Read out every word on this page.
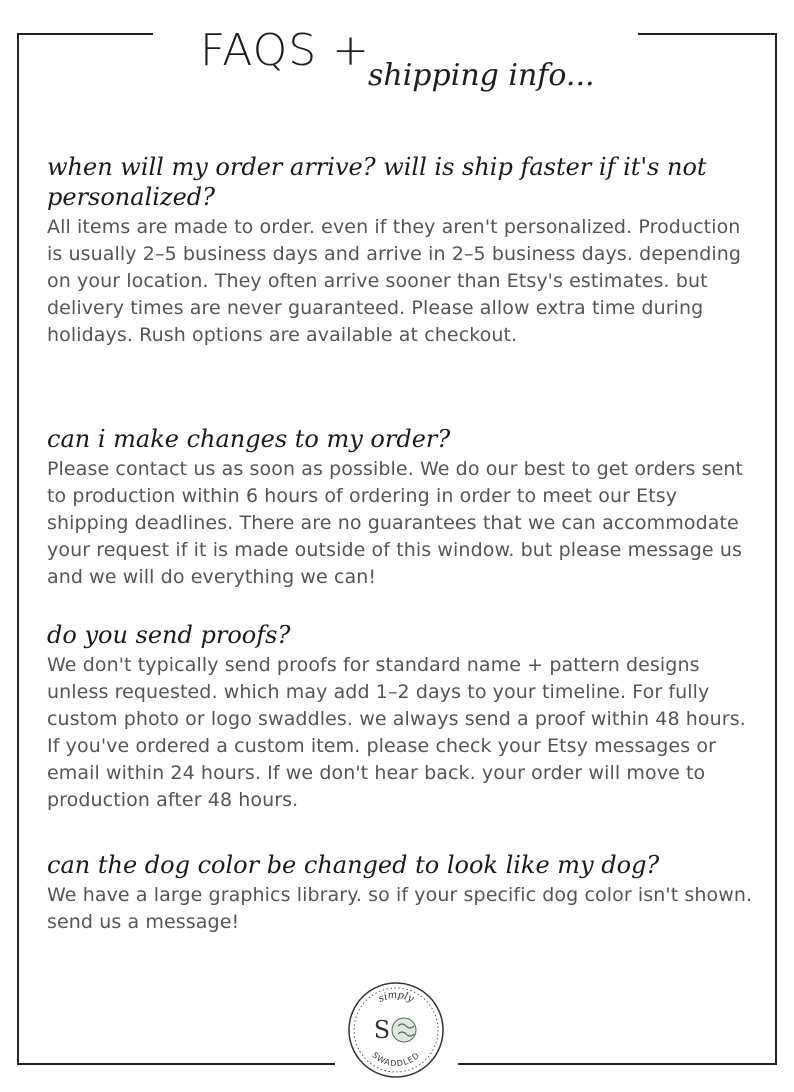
FAQS +
shipping info...

when will my order arrive? will is ship faster if it's not personalized?

All items are made to order. even if they aren't personalized. Production is usually 2–5 business days and arrive in 2–5 business days. depending on your location. They often arrive sooner than Etsy's estimates. but delivery times are never guaranteed. Please allow extra time during holidays. Rush options are available at checkout.

can i make changes to my order?

Please contact us as soon as possible. We do our best to get orders sent to production within 6 hours of ordering in order to meet our Etsy shipping deadlines. There are no guarantees that we can accommodate your request if it is made outside of this window. but please message us and we will do everything we can!

do you send proofs?

We don't typically send proofs for standard name + pattern designs unless requested. which may add 1–2 days to your timeline. For fully custom photo or logo swaddles. we always send a proof within 48 hours. If you've ordered a custom item. please check your Etsy messages or email within 24 hours. If we don't hear back. your order will move to production after 48 hours.

can the dog color be changed to look like my dog?

We have a large graphics library. so if your specific dog color isn't shown. send us a message!

simply
SWADDLED
S
